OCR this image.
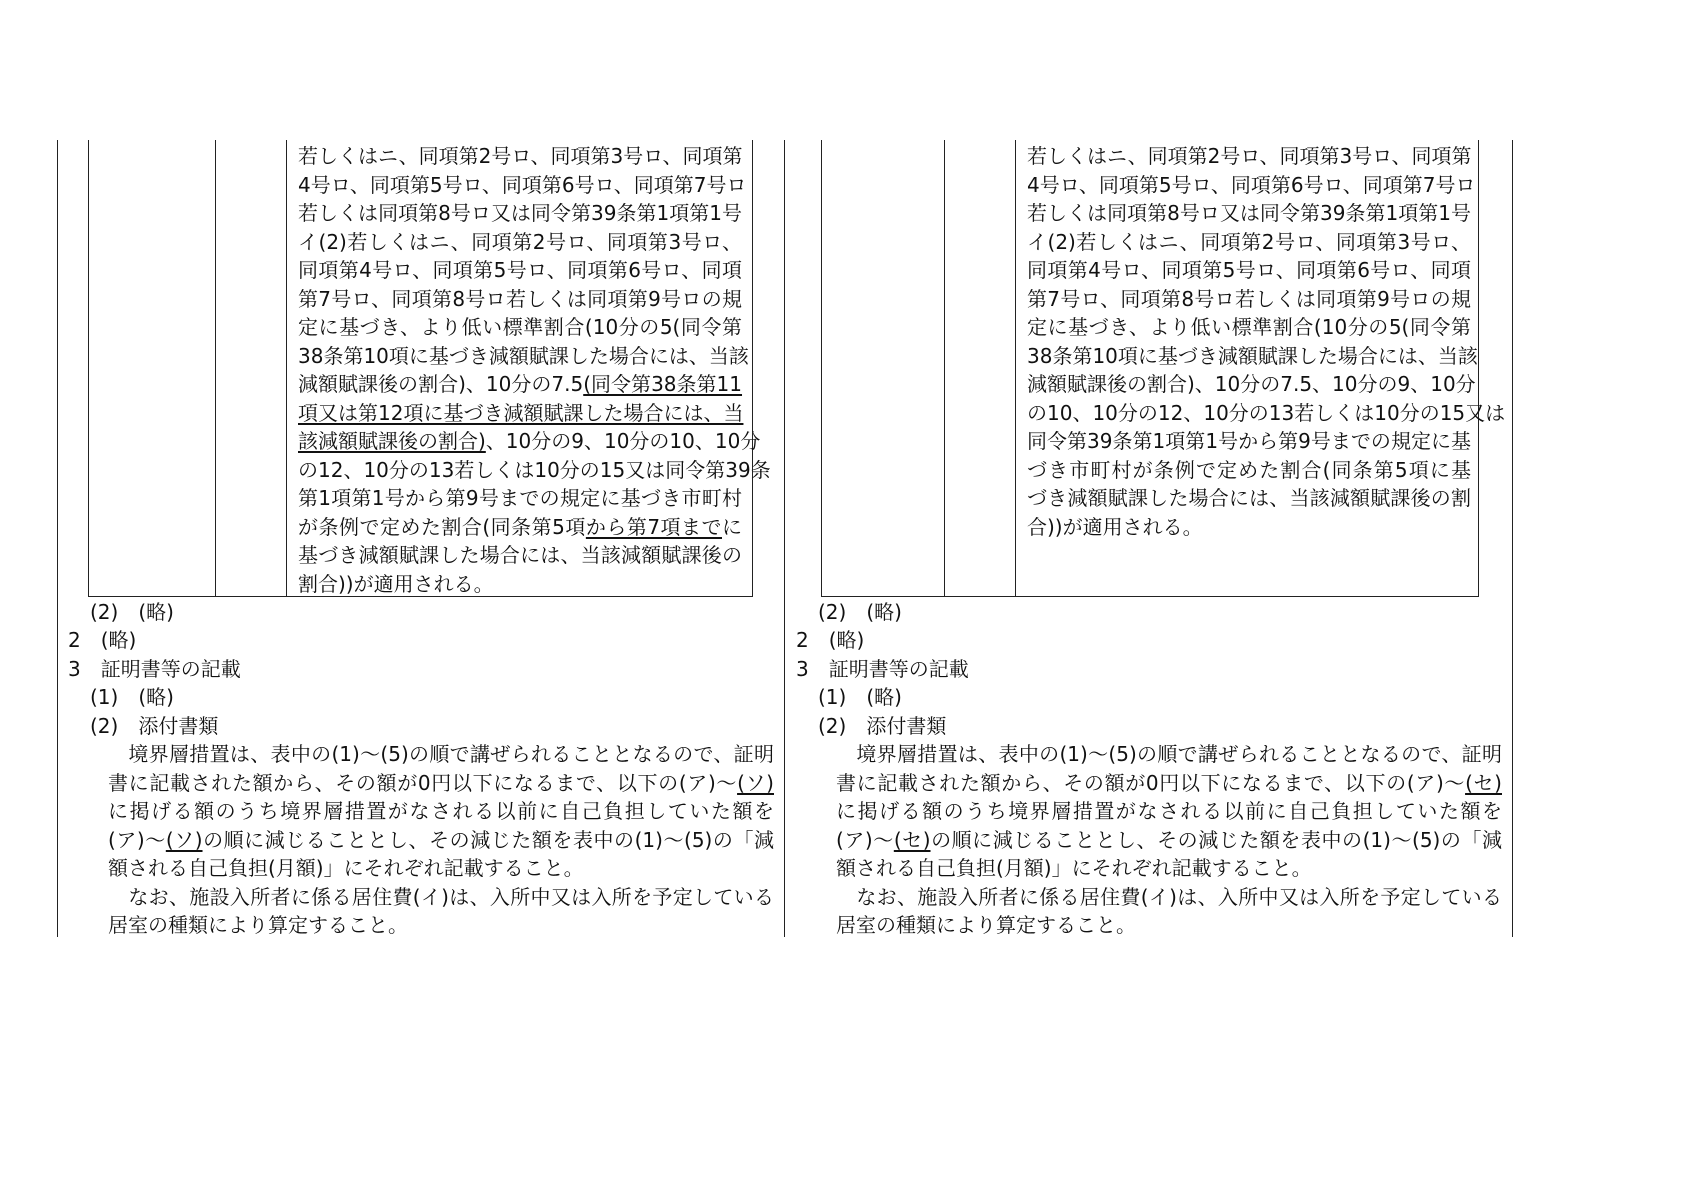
若しくはニ、同項第2号ロ、同項第3号ロ、同項第
4号ロ、同項第5号ロ、同項第6号ロ、同項第7号ロ
若しくは同項第8号ロ又は同令第39条第1項第1号
イ(2)若しくはニ、同項第2号ロ、同項第3号ロ、
同項第4号ロ、同項第5号ロ、同項第6号ロ、同項
第7号ロ、同項第8号ロ若しくは同項第9号ロの規
定に基づき、より低い標準割合(10分の5(同令第
38条第10項に基づき減額賦課した場合には、当該
減額賦課後の割合)、10分の7.5(同令第38条第11
項又は第12項に基づき減額賦課した場合には、当
該減額賦課後の割合)、10分の9、10分の10、10分
の12、10分の13若しくは10分の15又は同令第39条
第1項第1号から第9号までの規定に基づき市町村
が条例で定めた割合(同条第5項から第7項までに
基づき減額賦課した場合には、当該減額賦課後の
割合))が適用される。
若しくはニ、同項第2号ロ、同項第3号ロ、同項第
4号ロ、同項第5号ロ、同項第6号ロ、同項第7号ロ
若しくは同項第8号ロ又は同令第39条第1項第1号
イ(2)若しくはニ、同項第2号ロ、同項第3号ロ、
同項第4号ロ、同項第5号ロ、同項第6号ロ、同項
第7号ロ、同項第8号ロ若しくは同項第9号ロの規
定に基づき、より低い標準割合(10分の5(同令第
38条第10項に基づき減額賦課した場合には、当該
減額賦課後の割合)、10分の7.5、10分の9、10分
の10、10分の12、10分の13若しくは10分の15又は
同令第39条第1項第1号から第9号までの規定に基
づき市町村が条例で定めた割合(同条第5項に基
づき減額賦課した場合には、当該減額賦課後の割
合))が適用される。
(2)　(略)
2　(略)
3　証明書等の記載
(1)　(略)
(2)　添付書類
(2)　(略)
2　(略)
3　証明書等の記載
(1)　(略)
(2)　添付書類
　境界層措置は、表中の(1)～(5)の順で講ぜられることとなるので、証明
書に記載された額から、その額が0円以下になるまで、以下の(ア)～(ソ)
に掲げる額のうち境界層措置がなされる以前に自己負担していた額を
(ア)～(ソ)の順に減じることとし、その減じた額を表中の(1)～(5)の「減
額される自己負担(月額)」にそれぞれ記載すること。
　なお、施設入所者に係る居住費(イ)は、入所中又は入所を予定している
居室の種類により算定すること。
　境界層措置は、表中の(1)～(5)の順で講ぜられることとなるので、証明
書に記載された額から、その額が0円以下になるまで、以下の(ア)～(セ)
に掲げる額のうち境界層措置がなされる以前に自己負担していた額を
(ア)～(セ)の順に減じることとし、その減じた額を表中の(1)～(5)の「減
額される自己負担(月額)」にそれぞれ記載すること。
　なお、施設入所者に係る居住費(イ)は、入所中又は入所を予定している
居室の種類により算定すること。
